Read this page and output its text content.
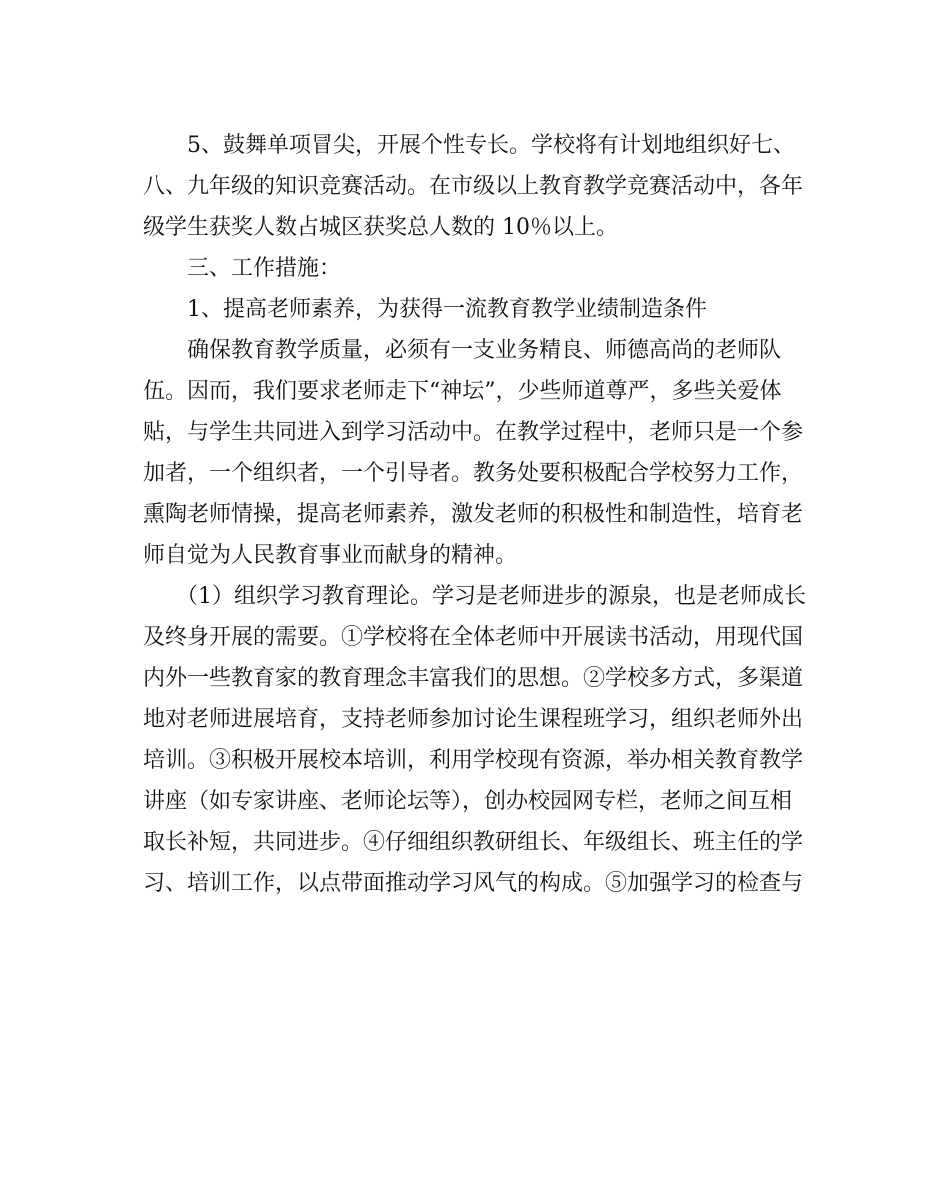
5、鼓舞单项冒尖，开展个性专长。学校将有计划地组织好七、
八、九年级的知识竞赛活动。在市级以上教育教学竞赛活动中，各年
级学生获奖人数占城区获奖总人数的 10％以上。
三、工作措施：
1、提高老师素养，为获得一流教育教学业绩制造条件
确保教育教学质量，必须有一支业务精良、师德高尚的老师队
伍。因而，我们要求老师走下“神坛”，少些师道尊严，多些关爱体
贴，与学生共同进入到学习活动中。在教学过程中，老师只是一个参
加者，一个组织者，一个引导者。教务处要积极配合学校努力工作，
熏陶老师情操，提高老师素养，激发老师的积极性和制造性，培育老
师自觉为人民教育事业而献身的精神。
（1）组织学习教育理论。学习是老师进步的源泉，也是老师成长
及终身开展的需要。①学校将在全体老师中开展读书活动，用现代国
内外一些教育家的教育理念丰富我们的思想。②学校多方式，多渠道
地对老师进展培育，支持老师参加讨论生课程班学习，组织老师外出
培训。③积极开展校本培训，利用学校现有资源，举办相关教育教学
讲座（如专家讲座、老师论坛等），创办校园网专栏，老师之间互相
取长补短，共同进步。④仔细组织教研组长、年级组长、班主任的学
习、培训工作，以点带面推动学习风气的构成。⑤加强学习的检查与
